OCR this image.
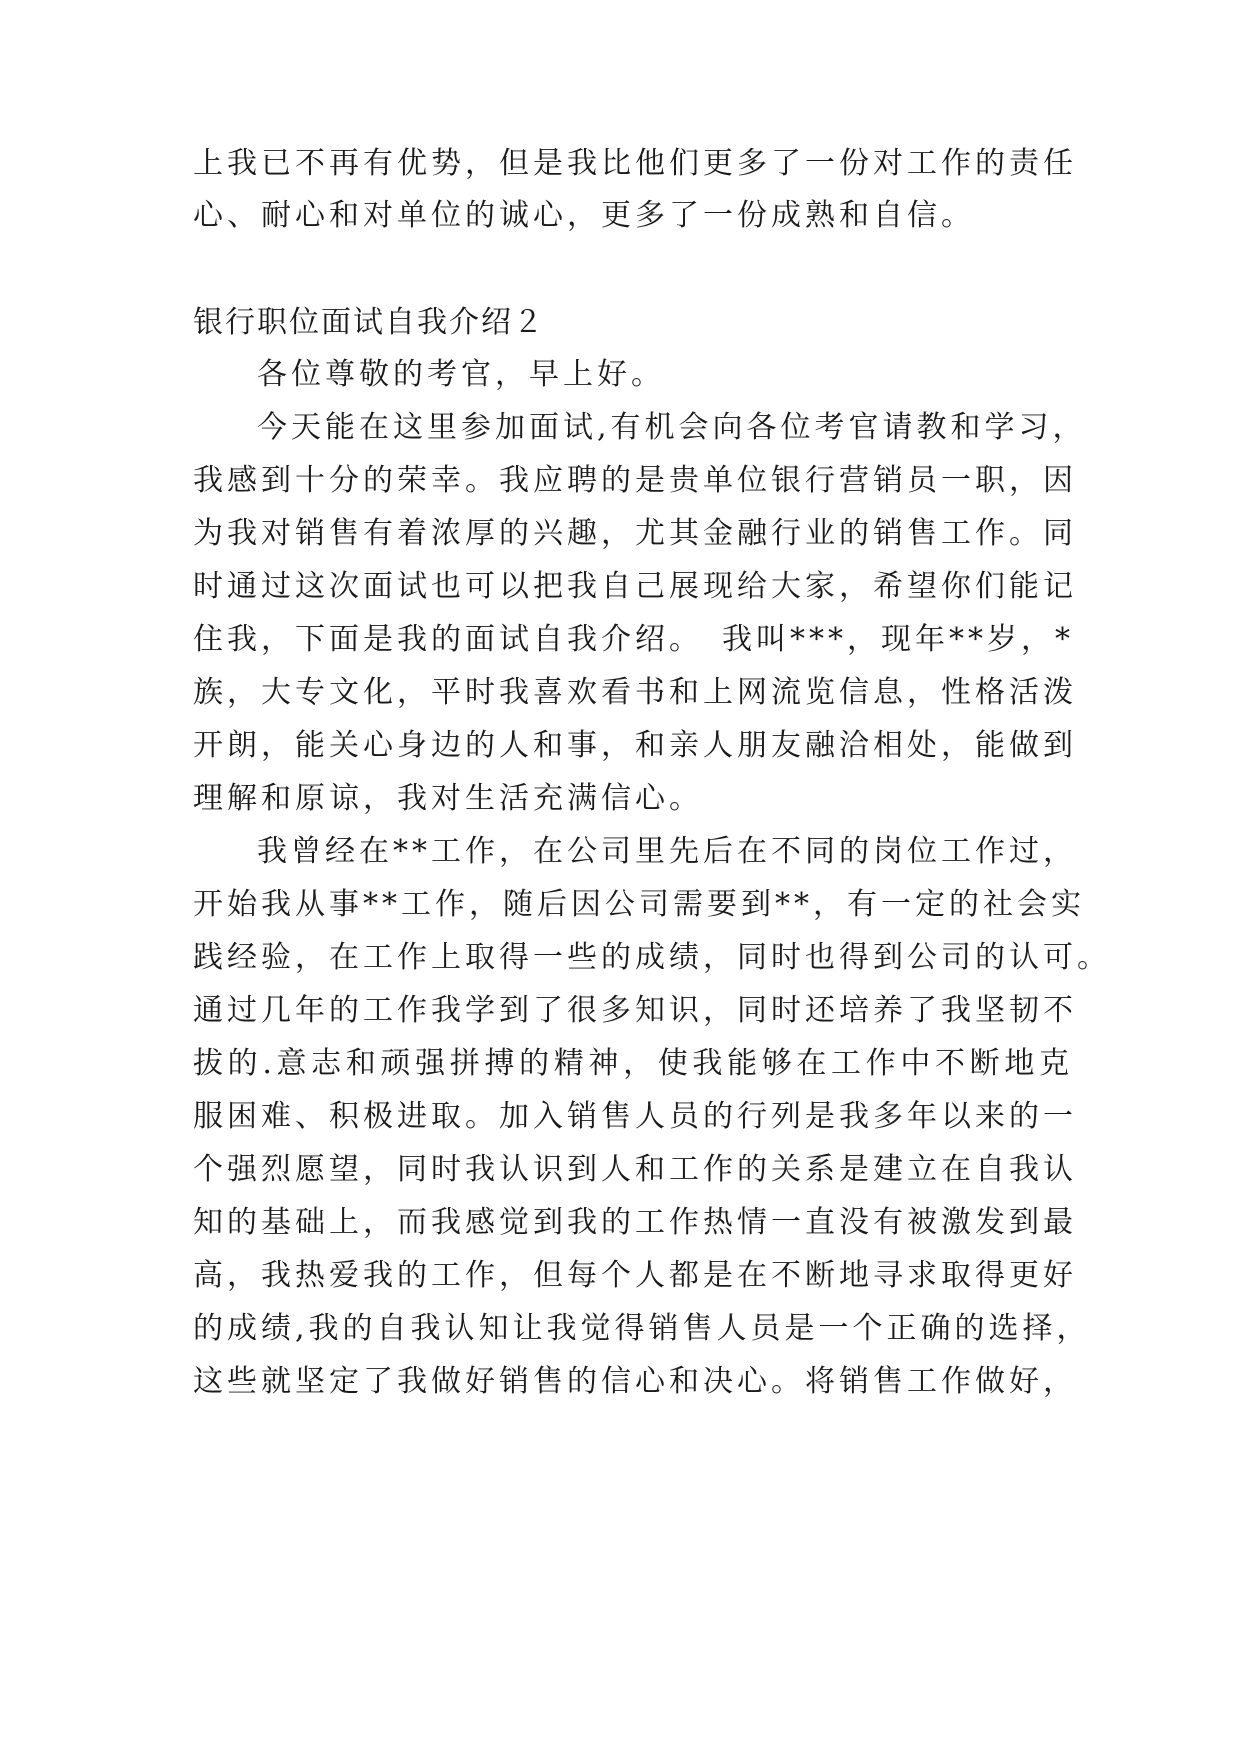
上我已不再有优势，但是我比他们更多了一份对工作的责任
心、耐心和对单位的诚心，更多了一份成熟和自信。
银行职位面试自我介绍２
各位尊敬的考官，早上好。
今天能在这里参加面试,有机会向各位考官请教和学习，
我感到十分的荣幸。我应聘的是贵单位银行营销员一职，因
为我对销售有着浓厚的兴趣，尤其金融行业的销售工作。同
时通过这次面试也可以把我自己展现给大家，希望你们能记
住我，下面是我的面试自我介绍。　我叫***，现年**岁，*
族，大专文化，平时我喜欢看书和上网流览信息，性格活泼
开朗，能关心身边的人和事，和亲人朋友融洽相处，能做到
理解和原谅，我对生活充满信心。
我曾经在**工作，在公司里先后在不同的岗位工作过，
开始我从事**工作，随后因公司需要到**，有一定的社会实
践经验，在工作上取得一些的成绩，同时也得到公司的认可。
通过几年的工作我学到了很多知识，同时还培养了我坚韧不
拔的.意志和顽强拼搏的精神，使我能够在工作中不断地克
服困难、积极进取。加入销售人员的行列是我多年以来的一
个强烈愿望，同时我认识到人和工作的关系是建立在自我认
知的基础上，而我感觉到我的工作热情一直没有被激发到最
高，我热爱我的工作，但每个人都是在不断地寻求取得更好
的成绩,我的自我认知让我觉得销售人员是一个正确的选择，
这些就坚定了我做好销售的信心和决心。将销售工作做好，
